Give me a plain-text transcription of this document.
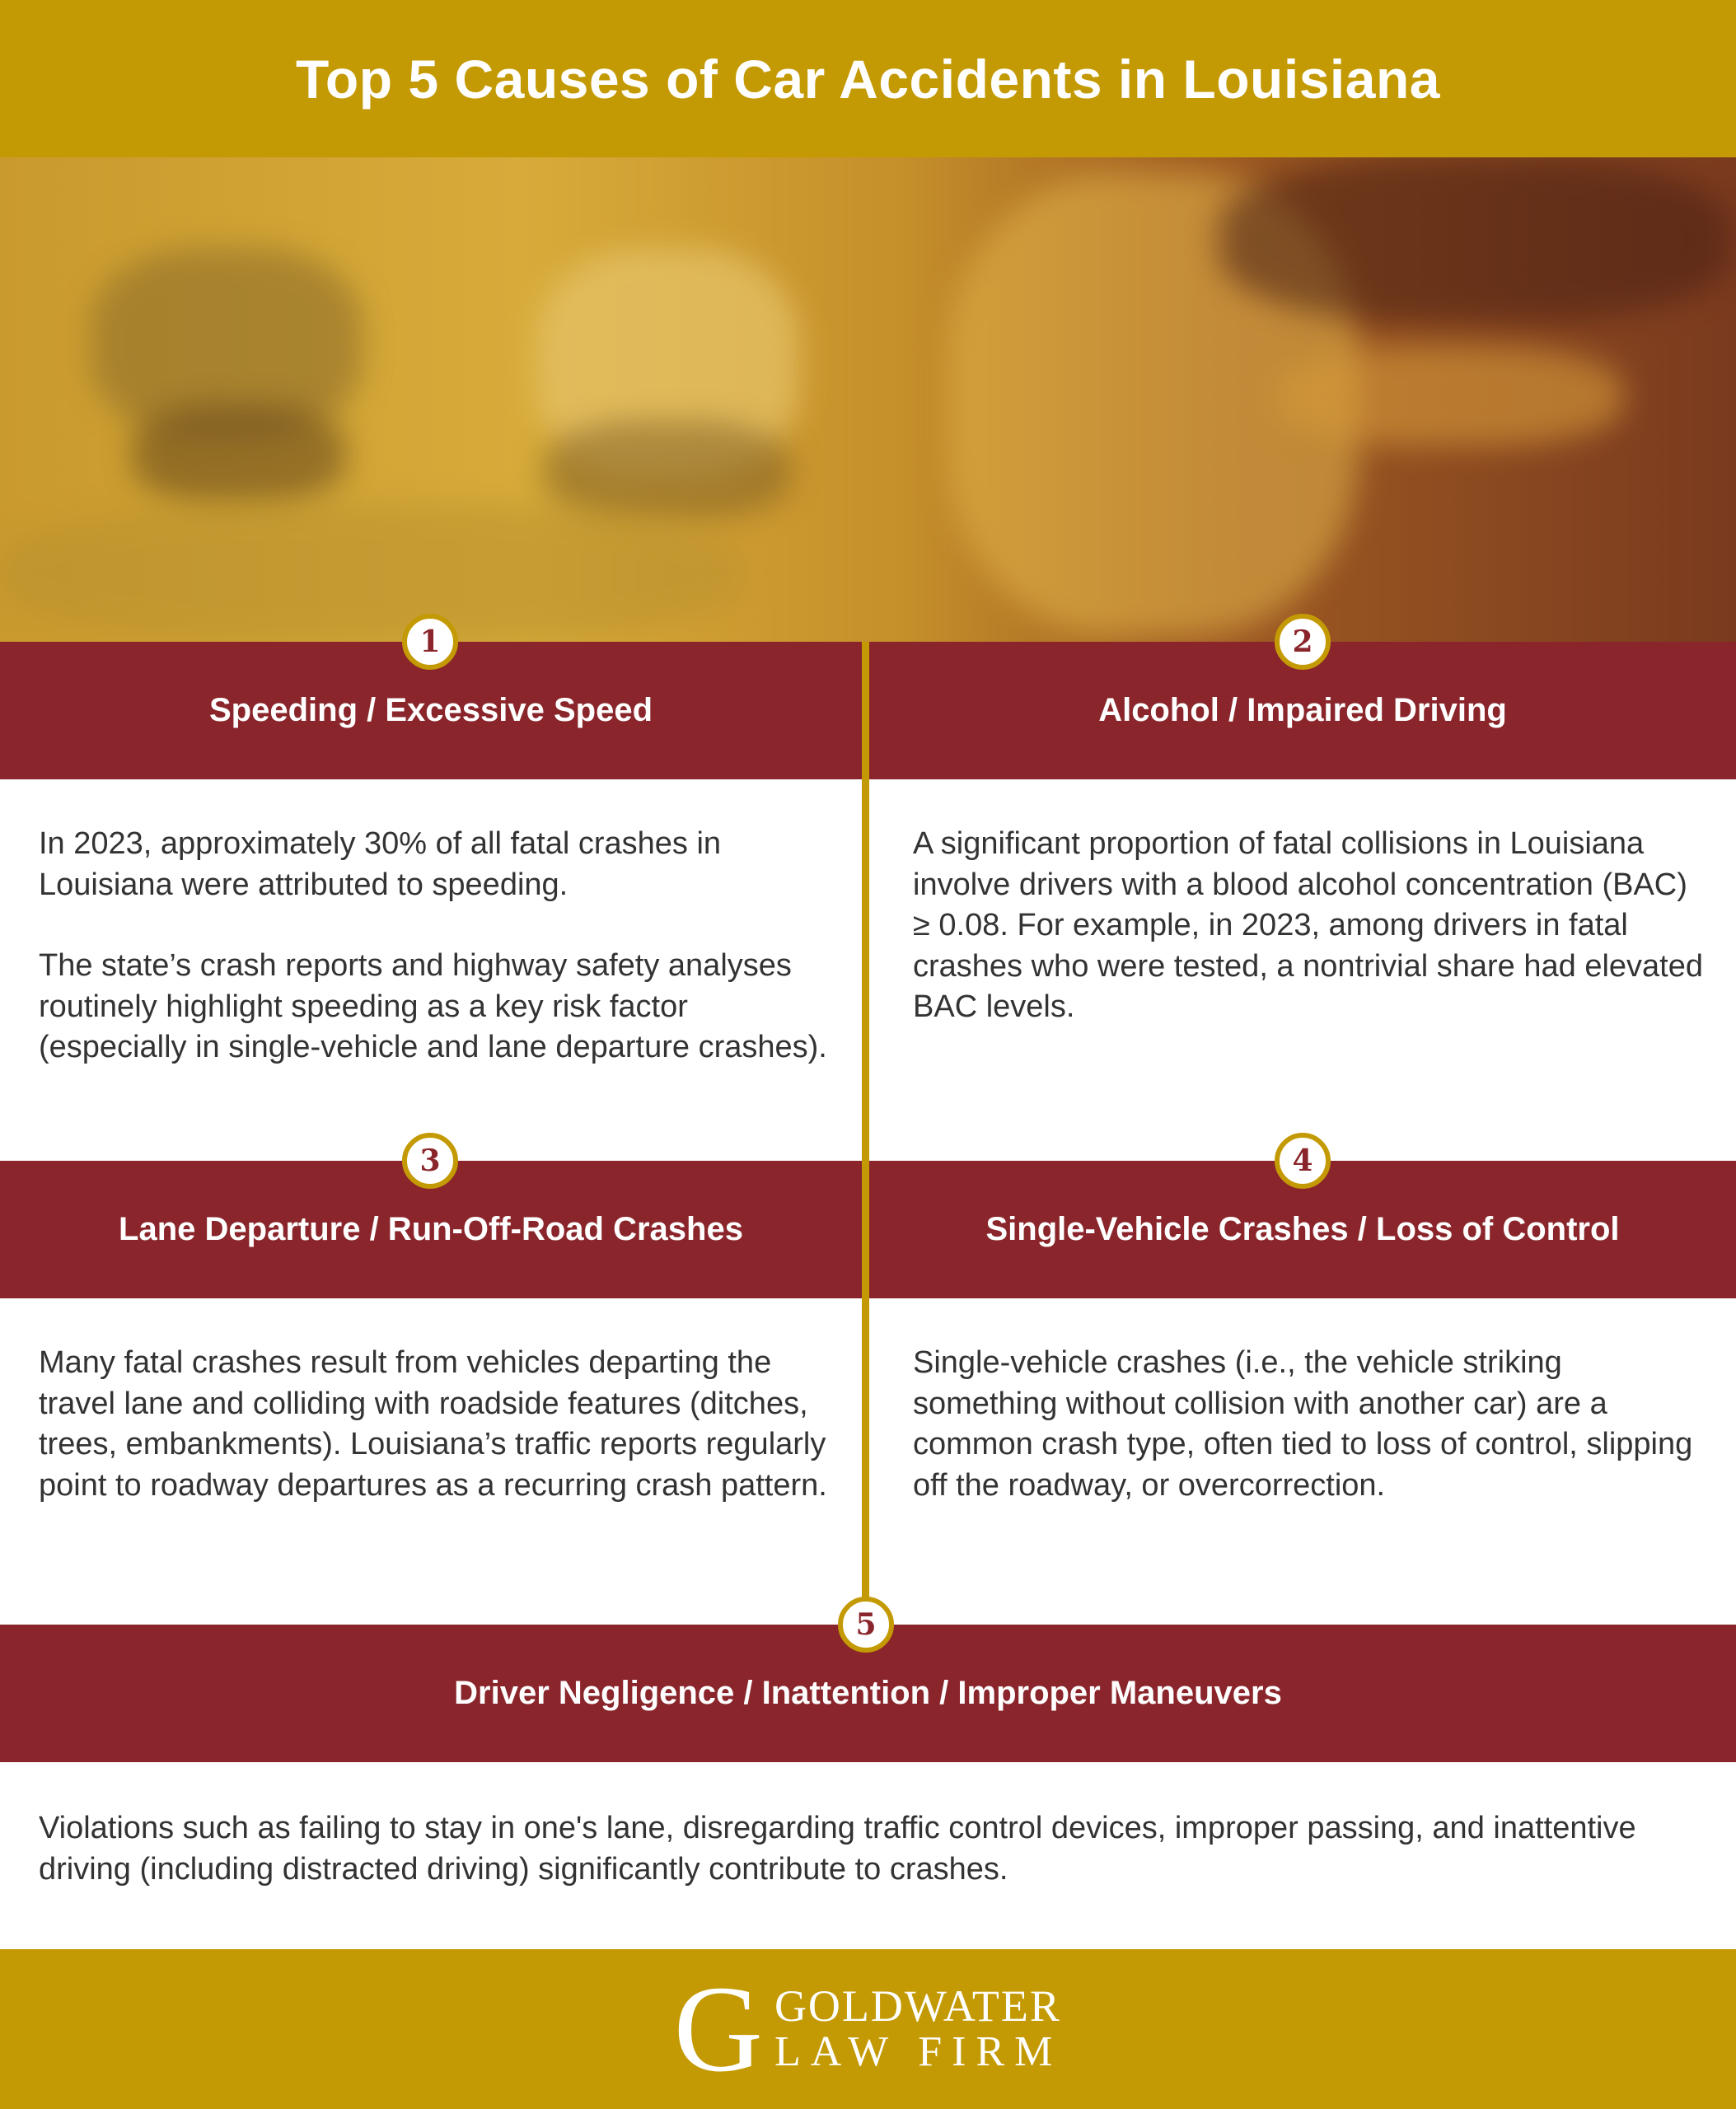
Top 5 Causes of Car Accidents in Louisiana
Speeding / Excessive Speed
1

In 2023, approximately 30% of all fatal crashes in Louisiana were attributed to speeding.

The state’s crash reports and highway safety analyses routinely highlight speeding as a key risk factor (especially in single-vehicle and lane departure crashes).

Alcohol / Impaired Driving
2

A significant proportion of fatal collisions in Louisiana involve drivers with a blood alcohol concentration (BAC) ≥ 0.08. For example, in 2023, among drivers in fatal crashes who were tested, a nontrivial share had elevated BAC levels.

Lane Departure / Run-Off-Road Crashes
3

Many fatal crashes result from vehicles departing the travel lane and colliding with roadside features (ditches, trees, embankments). Louisiana’s traffic reports regularly point to roadway departures as a recurring crash pattern.

Single-Vehicle Crashes / Loss of Control
4

Single-vehicle crashes (i.e., the vehicle striking something without collision with another car) are a common crash type, often tied to loss of control, slipping off the roadway, or overcorrection.

Driver Negligence / Inattention / Improper Maneuvers
5

Violations such as failing to stay in one's lane, disregarding traffic control devices, improper passing, and inattentive driving (including distracted driving) significantly contribute to crashes.

G GOLDWATER
LAW FIRM
